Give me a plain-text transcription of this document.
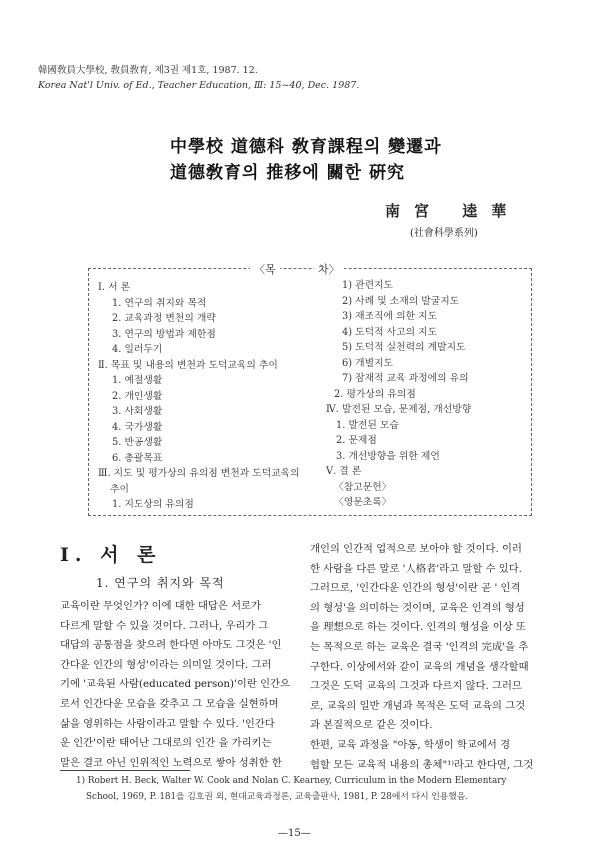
韓國敎員大學校, 敎員敎育, 제3권 제1호, 1987. 12.
Korea Nat'l Univ. of Ed., Teacher Education, Ⅲ: 15~40, Dec. 1987.
中學校 道德科 敎育課程의 變遷과
道德敎育의 推移에 關한 硏究
南宮 逵華
(社會科學系列)
〈목	차〉
Ⅰ. 서 론
1. 연구의 취지와 목적
2. 교육과정 변천의 개략
3. 연구의 방법과 제한점
4. 일러두기
Ⅱ. 목표 및 내용의 변천과 도덕교육의 추이
1. 예절생활
2. 개인생활
3. 사회생활
4. 국가생활
5. 반공생활
6. 총괄목표
Ⅲ. 지도 및 평가상의 유의점 변천과 도덕교육의
추이
1. 지도상의 유의점
1) 관련지도
2) 사례 및 소재의 발굴지도
3) 재조직에 의한 지도
4) 도덕적 사고의 지도
5) 도덕적 실천력의 계발지도
6) 개별지도
7) 잠재적 교육 과정에의 유의
2. 평가상의 유의점
Ⅳ. 발전된 모습, 문제점, 개선방향
1. 발전된 모습
2. 문제점
3. 개선방향을 위한 제언
Ⅴ. 결 론
〈참고문헌〉
〈영문초록〉
Ⅰ. 서 론
1. 연구의 취지와 목적
교육이란 무엇인가? 이에 대한 대답은 서로가
다르게 말할 수 있을 것이다. 그러나, 우리가 그
대답의 공통점을 찾으려 한다면 아마도 그것은 '인
간다운 인간의 형성'이라는 의미일 것이다. 그러
기에 '교육된 사람(educated person)'이란 인간으
로서 인간다운 모습을 갖추고 그 모습을 실현하며
삶을 영위하는 사람이라고 말할 수 있다. '인간다
운 인간'이란 태어난 그대로의 인간 을 가리키는
말은 결코 아닌 인위적인 노력으로 쌓아 성취한 한
개인의 인간적 업적으로 보아야 할 것이다. 이러
한 사람을 다른 말로 '人格者'라고 말할 수 있다.
그러므로, '인간다운 인간의 형성'이란 곧 ' 인격
의 형성'을 의미하는 것이며, 교육은 인격의 형성
을 理想으로 하는 것이다. 인격의 형성을 이상 또
는 목적으로 하는 교육은 결국 '인격의 完成'을 추
구한다. 이상에서와 같이 교육의 개념을 생각할때
그것은 도덕 교육의 그것과 다르지 않다. 그러므
로, 교육의 일반 개념과 목적은 도덕 교육의 그것
과 본질적으로 같은 것이다.
한편, 교육 과정을 "아동, 학생이 학교에서 경
험할 모든 교육적 내용의 총체"¹⁾라고 한다면, 그것
1) Robert H. Beck, Walter W. Cook and Nolan C. Kearney, Curriculum in the Modern Elementary
School, 1969, P. 181을 김호권 외, 현대교육과정론, 교육출판사, 1981, P. 28에서 다시 인용했음.
—15—
